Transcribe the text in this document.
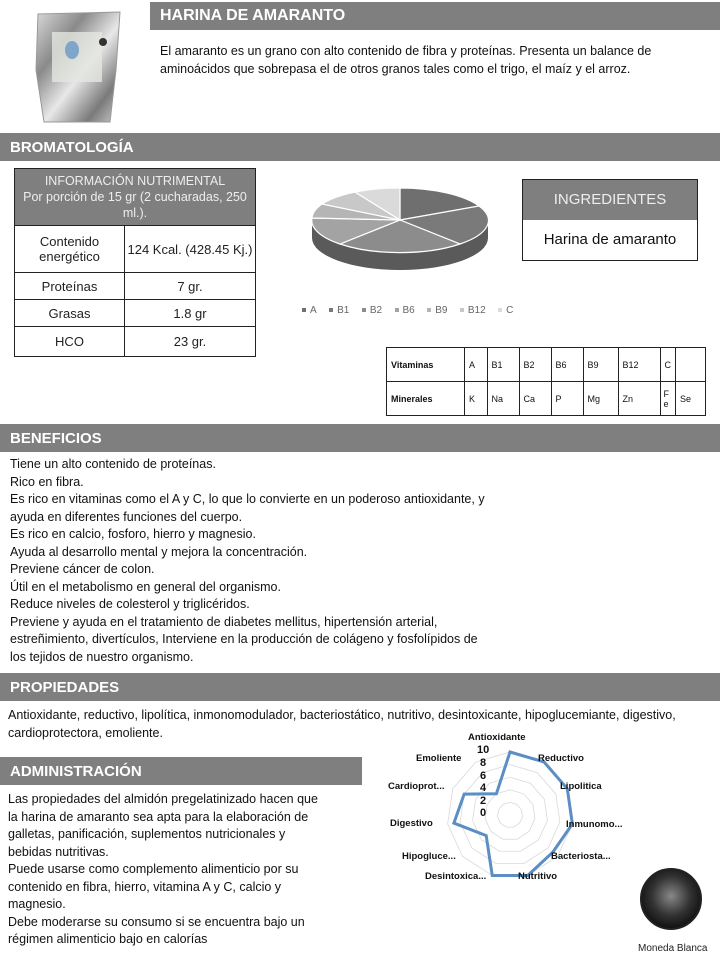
HARINA DE AMARANTO
El amaranto es un grano con alto contenido de fibra y proteínas. Presenta un balance de aminoácidos que sobrepasa el de otros granos tales como el trigo, el maíz y el arroz.
BROMATOLOGÍA
INFORMACIÓN NUTRIMENTAL
Por porción de 15 gr (2 cucharadas, 250 ml.).	

Contenido energético	124 Kcal. (428.45 Kj.)
Proteínas	7 gr.
Grasas	1.8 gr
HCO	23 gr.
A B1 B2 B6 B9 B12 C
INGREDIENTES
Harina de amaranto
Vitaminas	A	B1	B2	B6	B9	B12	C	
Minerales	K	Na	Ca	P	Mg	Zn	Fe	Se
BENEFICIOS
Tiene un alto contenido de proteínas.
Rico en fibra.
Es rico en vitaminas como el A y C, lo que lo convierte en un poderoso antioxidante, y
ayuda en diferentes funciones del cuerpo.
Es rico en calcio, fosforo, hierro y magnesio.
Ayuda al desarrollo mental y mejora la concentración.
Previene cáncer de colon.
Útil en el metabolismo en general del organismo.
Reduce niveles de colesterol y triglicéridos.
Previene y ayuda en el tratamiento de diabetes mellitus, hipertensión arterial,
estreñimiento, divertículos, Interviene en la producción de colágeno y fosfolípidos de
los tejidos de nuestro organismo.
PROPIEDADES
Antioxidante, reductivo, lipolítica, inmonomodulador, bacteriostático, nutritivo, desintoxicante, hipoglucemiante, digestivo, cardioprotectora, emoliente.
ADMINISTRACIÓN
Las propiedades del almidón pregelatinizado hacen que
la harina de amaranto sea apta para la elaboración de
galletas, panificación, suplementos nutricionales y
bebidas nutritivas.
Puede usarse como complemento alimenticio por su
contenido en fibra, hierro, vitamina A y C, calcio y
magnesio.
Debe moderarse su consumo si se encuentra bajo un
régimen alimenticio bajo en calorías
Antioxidante
Reductivo
Lipolitica
Inmunomo...
Bacteriosta...
Nutritivo
Desintoxica...
Hipogluce...
Digestivo
Cardioprot...
Emoliente
10
8
6
4
2
0
Moneda Blanca
